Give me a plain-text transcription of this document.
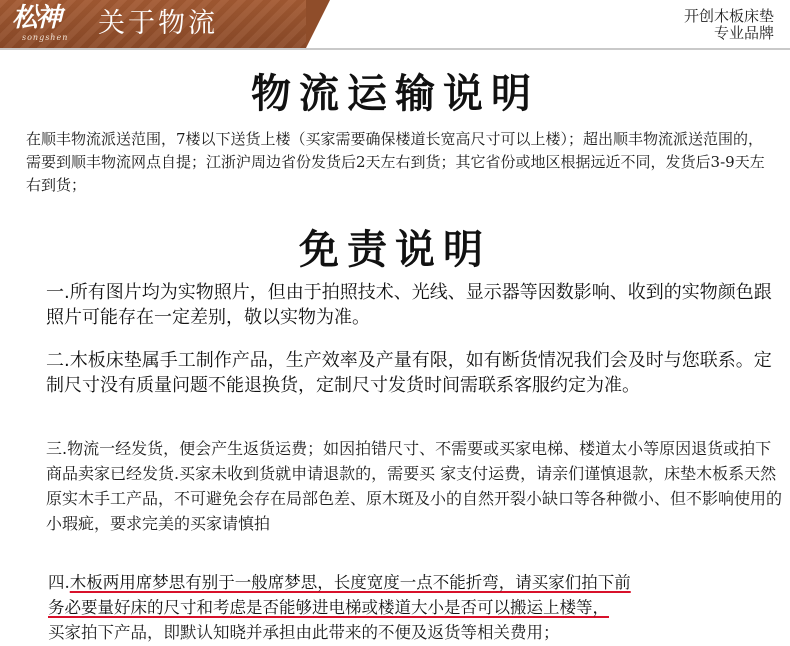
松神
songshen 关于物流	开创木板床垫
专业品牌
物流运输说明
在顺丰物流派送范围，7楼以下送货上楼（买家需要确保楼道长宽高尺寸可以上楼）；超出顺丰物流派送范围的，需要到顺丰物流网点自提；江浙沪周边省份发货后2天左右到货；其它省份或地区根据远近不同，发货后3-9天左右到货；
免责说明
一.所有图片均为实物照片，但由于拍照技术、光线、显示器等因数影响、收到的实物颜色跟照片可能存在一定差别，敬以实物为准。
二.木板床垫属手工制作产品，生产效率及产量有限，如有断货情况我们会及时与您联系。定制尺寸没有质量问题不能退换货，定制尺寸发货时间需联系客服约定为准。
三.物流一经发货，便会产生返货运费；如因拍错尺寸、不需要或买家电梯、楼道太小等原因退货或拍下商品卖家已经发货.买家未收到货就申请退款的，需要买 家支付运费，请亲们谨慎退款，床垫木板系天然原实木手工产品，不可避免会存在局部色差、原木斑及小的自然开裂小缺口等各种微小、但不影响使用的小瑕疵，要求完美的买家请慎拍
四.木板两用席梦思有别于一般席梦思，长度宽度一点不能折弯，请买家们拍下前
务必要量好床的尺寸和考虑是否能够进电梯或楼道大小是否可以搬运上楼等，
买家拍下产品，即默认知晓并承担由此带来的不便及返货等相关费用；
